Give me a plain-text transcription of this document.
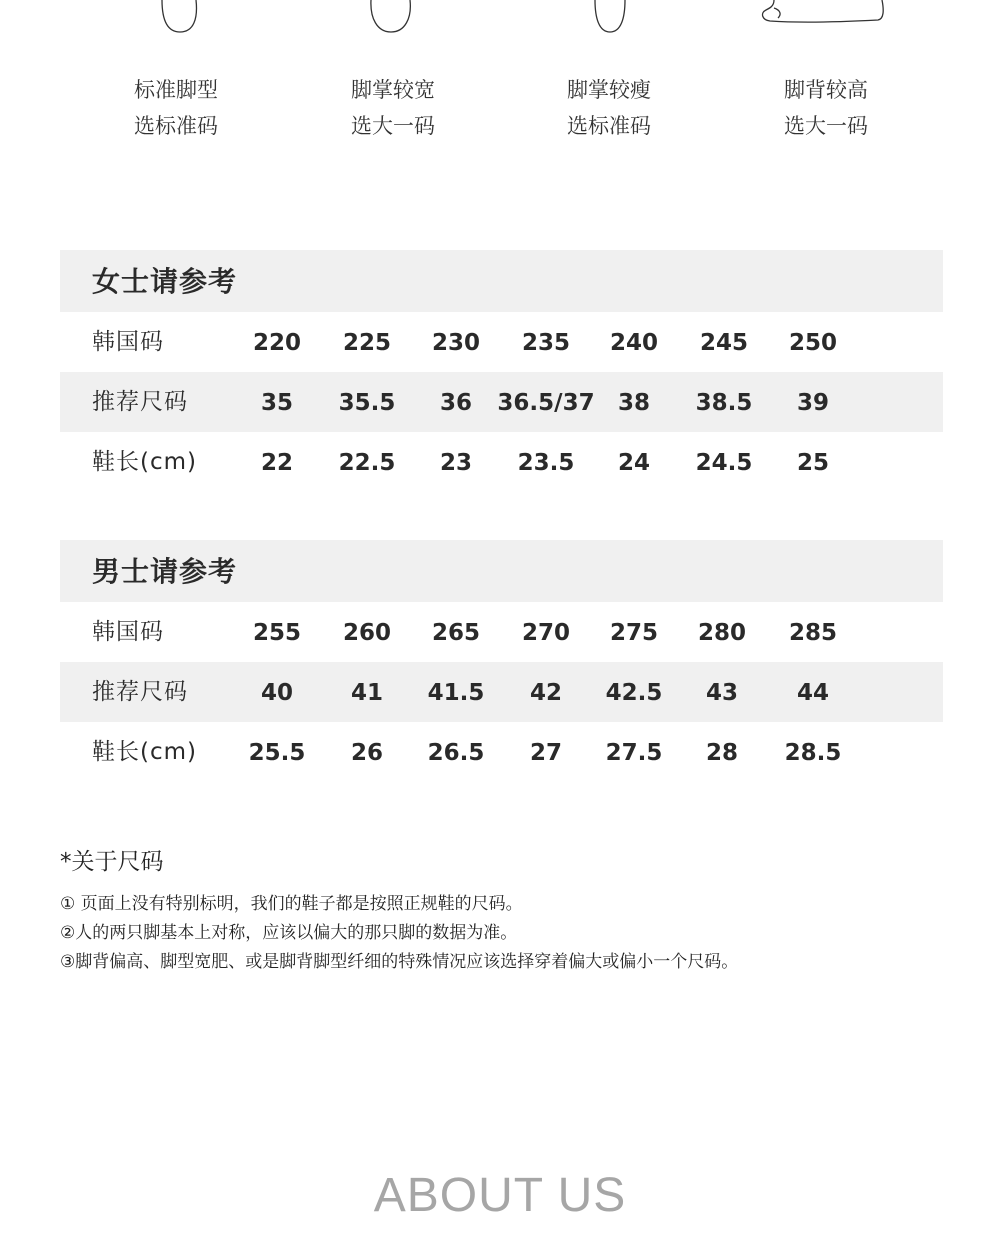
标准脚型
选标准码
脚掌较宽
选大一码
脚掌较瘦
选标准码
脚背较高
选大一码
女士请参考
韩国码	220	225	230	235	240	245	250
推荐尺码	35	35.5	36	36.5/37	38	38.5	39
鞋长(cm)	22	22.5	23	23.5	24	24.5	25
男士请参考
韩国码	255	260	265	270	275	280	285
推荐尺码	40	41	41.5	42	42.5	43	44
鞋长(cm)	25.5	26	26.5	27	27.5	28	28.5
*关于尺码
① 页面上没有特别标明，我们的鞋子都是按照正规鞋的尺码。
②人的两只脚基本上对称，应该以偏大的那只脚的数据为准。
③脚背偏高、脚型宽肥、或是脚背脚型纤细的特殊情况应该选择穿着偏大或偏小一个尺码。
ABOUT US
